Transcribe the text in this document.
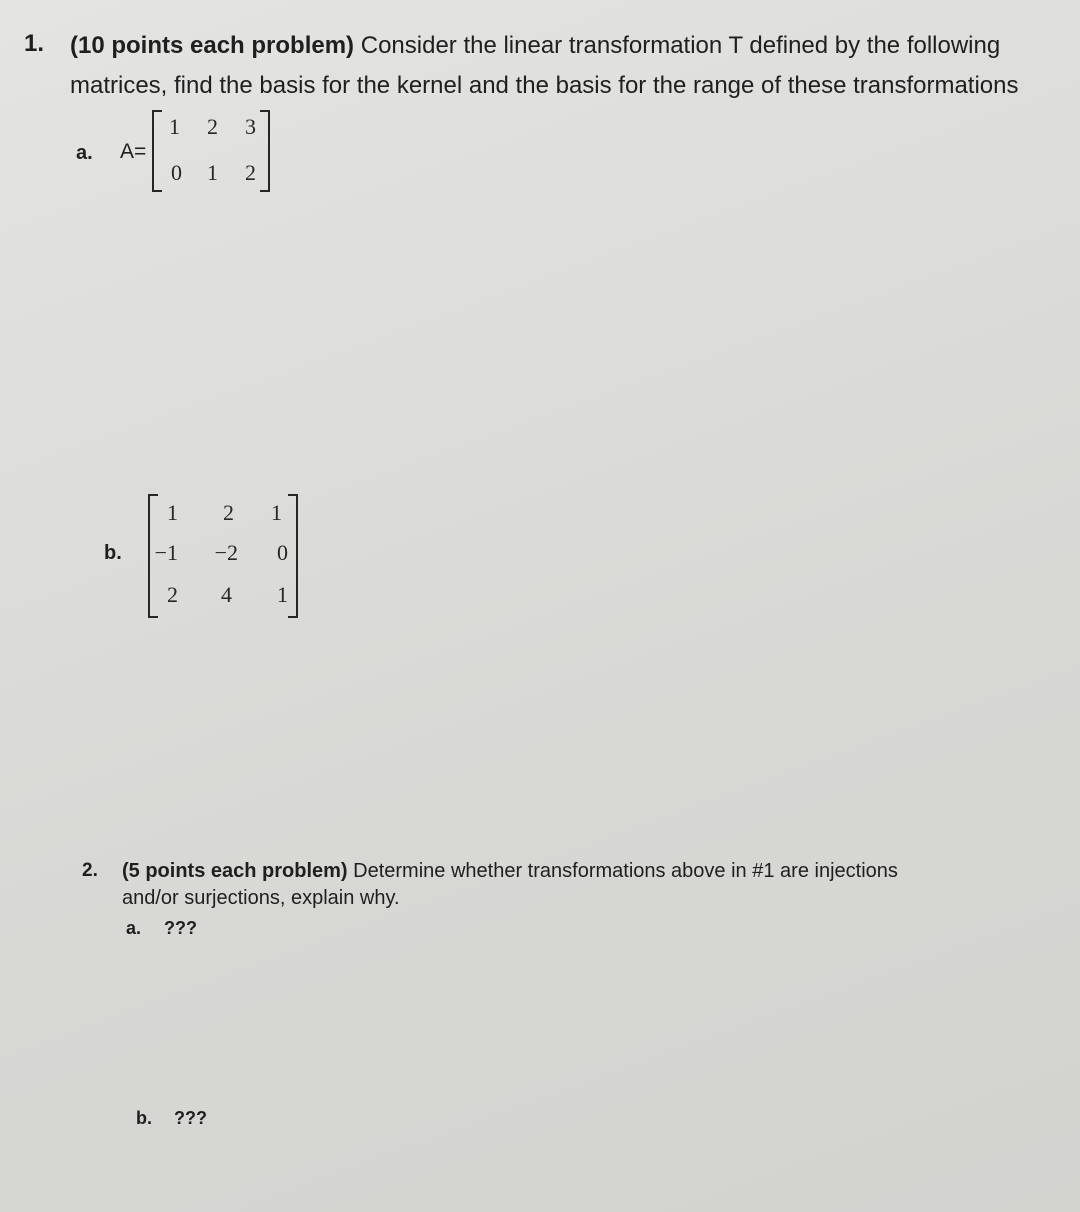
1. (10 points each problem) Consider the linear transformation T defined by the following
matrices, find the basis for the kernel and the basis for the range of these transformations
a. A=
1	2	3
0	1	2
b.
1	2	1
−1 −2	0
2	4	1
2. (5 points each problem) Determine whether transformations above in #1 are injections
and/or surjections, explain why.
a. ???
b. ???
